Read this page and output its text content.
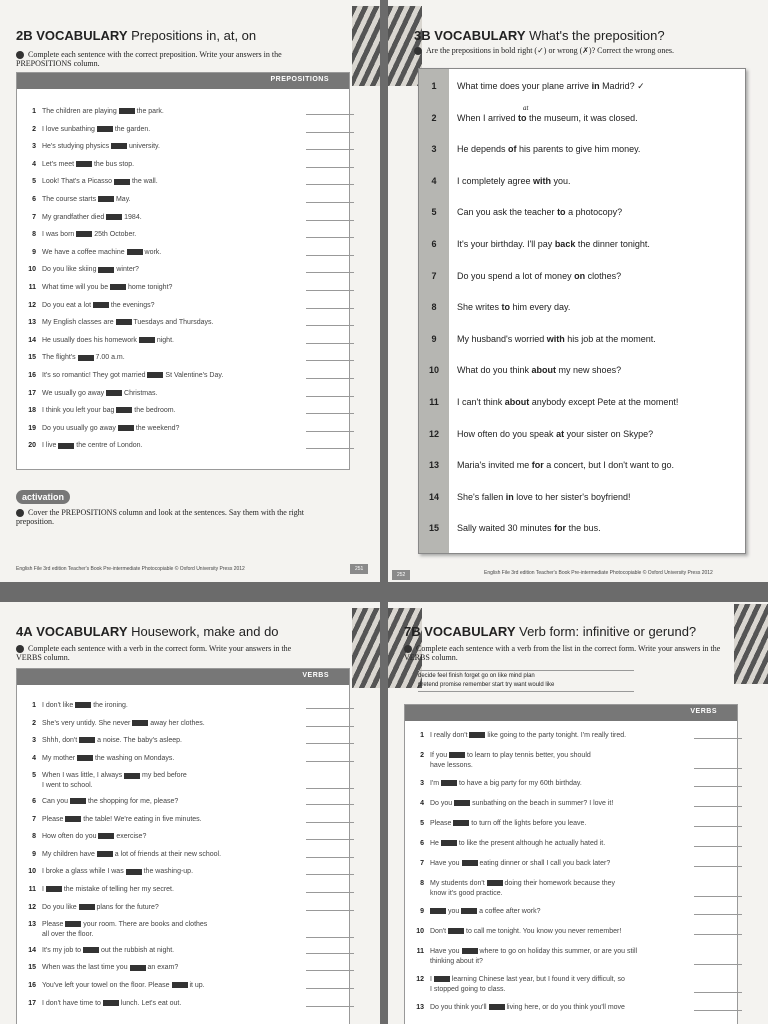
2B VOCABULARY Prepositions in, at, on
Complete each sentence with the correct preposition. Write your answers in the PREPOSITIONS column.
PREPOSITIONS
activation
Cover the PREPOSITIONS column and look at the sentences. Say them with the right preposition.
English File 3rd edition Teacher's Book Pre-intermediate Photocopiable © Oxford University Press 2012	251
1 The children are playing  the park.
2 I love sunbathing  the garden.
3 He's studying physics  university.
4 Let's meet  the bus stop.
5 Look! That's a Picasso  the wall.
6 The course starts  May.
7 My grandfather died  1984.
8 I was born  25th October.
9 We have a coffee machine  work.
10 Do you like skiing  winter?
11 What time will you be  home tonight?
12 Do you eat a lot  the evenings?
13 My English classes are  Tuesdays and Thursdays.
14 He usually does his homework  night.
15 The flight's  7.00 a.m.
16 It's so romantic! They got married  St Valentine's Day.
17 We usually go away  Christmas.
18 I think you left your bag  the bedroom.
19 Do you usually go away  the weekend?
20 I live  the centre of London.
3B VOCABULARY What's the preposition?
Are the prepositions in bold right (✓) or wrong (✗)? Correct the wrong ones.
at
1	What time does your plane arrive in Madrid? ✓
2	When I arrived to the museum, it was closed.
3	He depends of his parents to give him money.
4	I completely agree with you.
5	Can you ask the teacher to a photocopy?
6	It's your birthday. I'll pay back the dinner tonight.
7	Do you spend a lot of money on clothes?
8	She writes to him every day.
9	My husband's worried with his job at the moment.
10	What do you think about my new shoes?
11	I can't think about anybody except Pete at the moment!
12	How often do you speak at your sister on Skype?
13	Maria's invited me for a concert, but I don't want to go.
14	She's fallen in love to her sister's boyfriend!
15	Sally waited 30 minutes for the bus.
252	English File 3rd edition Teacher's Book Pre-intermediate Photocopiable © Oxford University Press 2012
4A VOCABULARY Housework, make and do
Complete each sentence with a verb in the correct form. Write your answers in the VERBS column.
VERBS
1 I don't like  the ironing.
2 She's very untidy. She never  away her clothes.
3 Shhh, don't  a noise. The baby's asleep.
4 My mother  the washing on Mondays.
5 When I was little, I always  my bed before
I went to school.
6 Can you  the shopping for me, please?
7 Please  the table! We're eating in five minutes.
8 How often do you  exercise?
9 My children have  a lot of friends at their new school.
10 I broke a glass while I was  the washing-up.
11 I  the mistake of telling her my secret.
12 Do you like  plans for the future?
13 Please  your room. There are books and clothes
all over the floor.
14 It's my job to  out the rubbish at night.
15 When was the last time you  an exam?
16 You've left your towel on the floor. Please  it up.
17 I don't have time to  lunch. Let's eat out.
7B VOCABULARY Verb form: infinitive or gerund?
Complete each sentence with a verb from the list in the correct form. Write your answers in the VERBS column.
decide feel finish forget go on like mind plan
pretend promise remember start try want would like
VERBS
1 I really don't  like going to the party tonight. I'm really tired.
2 If you  to learn to play tennis better, you should
have lessons.
3 I'm  to have a big party for my 60th birthday.
4 Do you  sunbathing on the beach in summer? I love it!
5 Please  to turn off the lights before you leave.
6 He  to like the present although he actually hated it.
7 Have you  eating dinner or shall I call you back later?
8 My students don't  doing their homework because they
know it's good practice.
9	you	a coffee after work?
10 Don't  to call me tonight. You know you never remember!
11 Have you  where to go on holiday this summer, or are you still
thinking about it?
12 I  learning Chinese last year, but I found it very difficult, so
I stopped going to class.
13 Do you think you'll  living here, or do you think you'll move
